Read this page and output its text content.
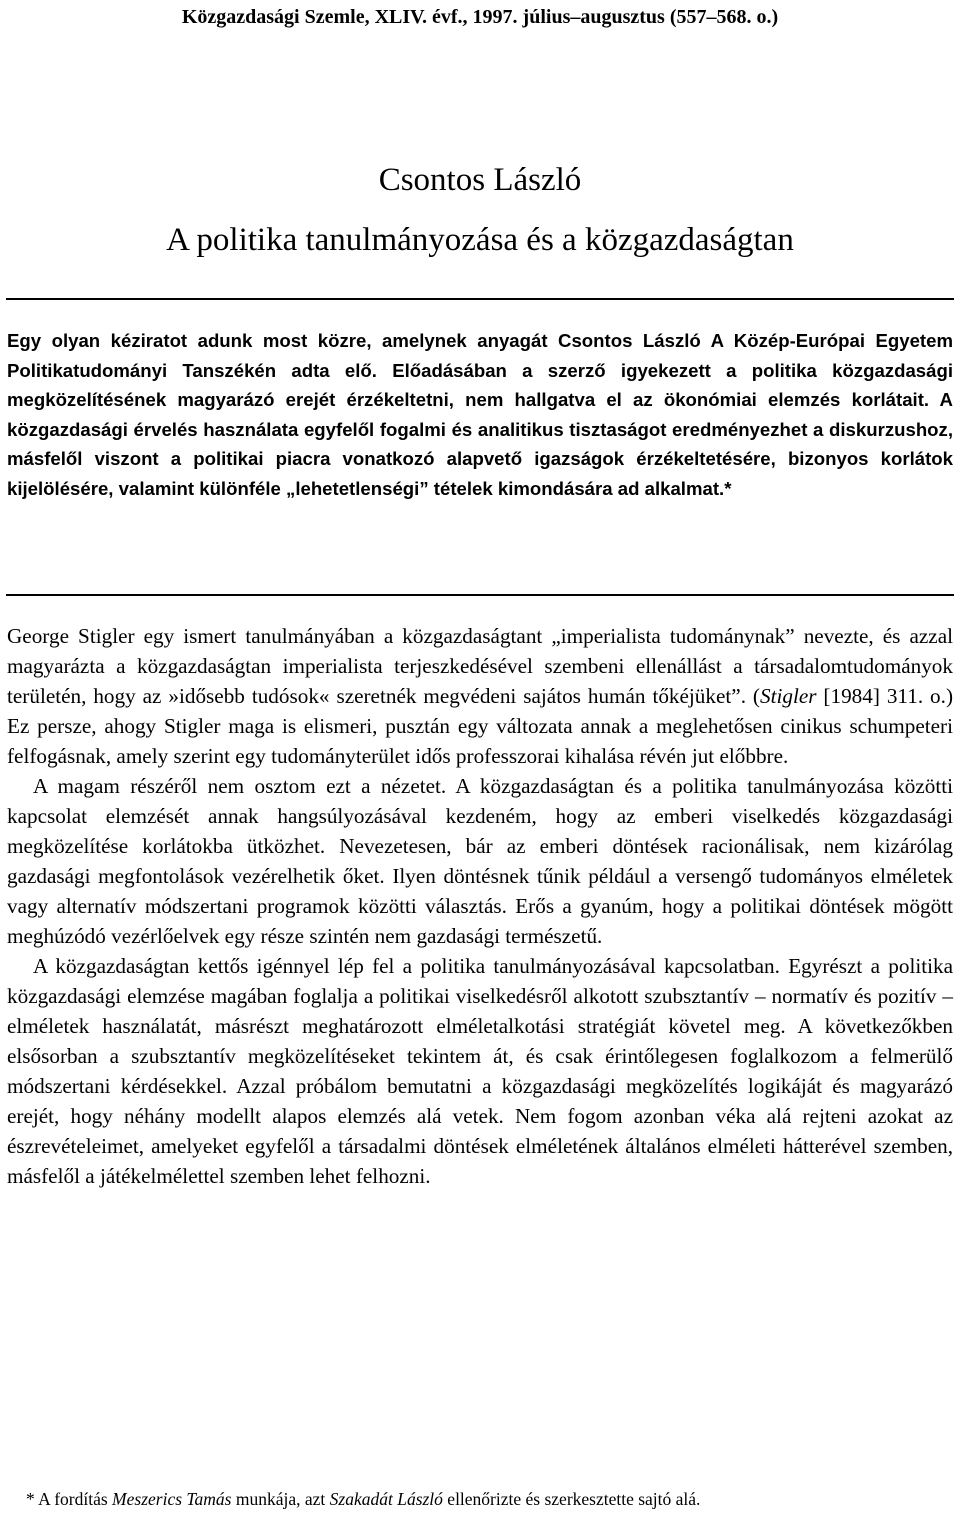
Közgazdasági Szemle, XLIV. évf., 1997. július–augusztus (557–568. o.)
Csontos László
A politika tanulmányozása és a közgazdaságtan

Egy olyan kéziratot adunk most közre, amelynek anyagát Csontos László A Közép-Európai Egyetem Politikatudományi Tanszékén adta elő. Előadásában a szerző igyekezett a politika közgazdasági megközelítésének magyarázó erejét érzékeltetni, nem hallgatva el az ökonómiai elemzés korlátait. A közgazdasági érvelés használata egyfelől fogalmi és analitikus tisztaságot eredményezhet a diskurzushoz, másfelől viszont a politikai piacra vonatkozó alapvető igazságok érzékeltetésére, bizonyos korlátok kijelölésére, valamint különféle „lehetetlenségi” tételek kimondására ad alkalmat.*

George Stigler egy ismert tanulmányában a közgazdaságtant „imperialista tudománynak” nevezte, és azzal magyarázta a közgazdaságtan imperialista terjeszkedésével szembeni ellenállást a társadalomtudományok területén, hogy az »idősebb tudósok« szeretnék megvédeni sajátos humán tőkéjüket”. (Stigler [1984] 311. o.) Ez persze, ahogy Stigler maga is elismeri, pusztán egy változata annak a meglehetősen cinikus schumpeteri felfogásnak, amely szerint egy tudományterület idős professzorai kihalása révén jut előbbre.

A magam részéről nem osztom ezt a nézetet. A közgazdaságtan és a politika tanulmányozása közötti kapcsolat elemzését annak hangsúlyozásával kezdeném, hogy az emberi viselkedés közgazdasági megközelítése korlátokba ütközhet. Nevezetesen, bár az emberi döntések racionálisak, nem kizárólag gazdasági megfontolások vezérelhetik őket. Ilyen döntésnek tűnik például a versengő tudományos elméletek vagy alternatív módszertani programok közötti választás. Erős a gyanúm, hogy a politikai döntések mögött meghúzódó vezérlőelvek egy része szintén nem gazdasági természetű.

A közgazdaságtan kettős igénnyel lép fel a politika tanulmányozásával kapcsolatban. Egyrészt a politika közgazdasági elemzése magában foglalja a politikai viselkedésről alkotott szubsztantív – normatív és pozitív – elméletek használatát, másrészt meghatározott elméletalkotási stratégiát követel meg. A következőkben elsősorban a szubsztantív megközelítéseket tekintem át, és csak érintőlegesen foglalkozom a felmerülő módszertani kérdésekkel. Azzal próbálom bemutatni a közgazdasági megközelítés logikáját és magyarázó erejét, hogy néhány modellt alapos elemzés alá vetek. Nem fogom azonban véka alá rejteni azokat az észrevételeimet, amelyeket egyfelől a társadalmi döntések elméletének általános elméleti hátterével szemben, másfelől a játékelmélettel szemben lehet felhozni.

* A fordítás Meszerics Tamás munkája, azt Szakadát László ellenőrizte és szerkesztette sajtó alá.
